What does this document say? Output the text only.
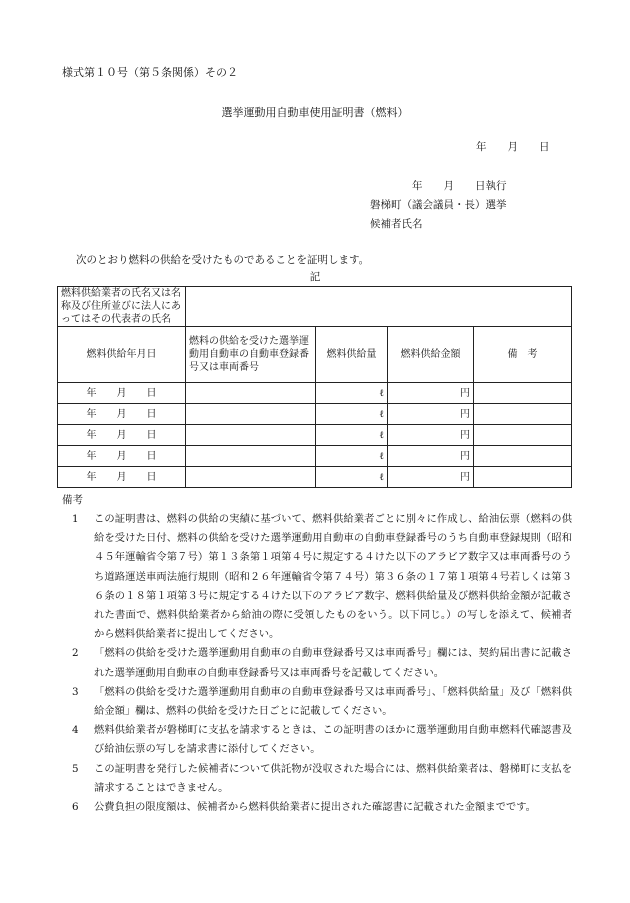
様式第１０号（第５条関係）その２
選挙運動用自動車使用証明書（燃料）
年　　月　　日
年　　月　　日執行
磐梯町（議会議員・長）選挙
候補者氏名
次のとおり燃料の供給を受けたものであることを証明します。
記
燃料供給業者の氏名又は名称及び住所並びに法人にあってはその代表者の氏名				
燃料供給年月日	燃料の供給を受けた選挙運動用自動車の自動車登録番号又は車両番号	燃料供給量	燃料供給金額	備　考
年　　月　　日		ℓ	円	
年　　月　　日		ℓ	円	
年　　月　　日		ℓ	円	
年　　月　　日		ℓ	円	
年　　月　　日		ℓ	円	
備考
1	この証明書は、燃料の供給の実績に基づいて、燃料供給業者ごとに別々に作成し、給油伝票（燃料の供給を受けた日付、燃料の供給を受けた選挙運動用自動車の自動車登録番号のうち自動車登録規則（昭和４５年運輸省令第７号）第１３条第１項第４号に規定する４けた以下のアラビア数字又は車両番号のうち道路運送車両法施行規則（昭和２６年運輸省令第７４号）第３６条の１７第１項第４号若しくは第３６条の１８第１項第３号に規定する４けた以下のアラビア数字、燃料供給量及び燃料供給金額が記載された書面で、燃料供給業者から給油の際に受領したものをいう。以下同じ。）の写しを添えて、候補者から燃料供給業者に提出してください。
2	「燃料の供給を受けた選挙運動用自動車の自動車登録番号又は車両番号」欄には、契約届出書に記載された選挙運動用自動車の自動車登録番号又は車両番号を記載してください。
3	「燃料の供給を受けた選挙運動用自動車の自動車登録番号又は車両番号」、「燃料供給量」及び「燃料供給金額」欄は、燃料の供給を受けた日ごとに記載してください。
4	燃料供給業者が磐梯町に支払を請求するときは、この証明書のほかに選挙運動用自動車燃料代確認書及び給油伝票の写しを請求書に添付してください。
5	この証明書を発行した候補者について供託物が没収された場合には、燃料供給業者は、磐梯町に支払を請求することはできません。
6	公費負担の限度額は、候補者から燃料供給業者に提出された確認書に記載された金額までです。
